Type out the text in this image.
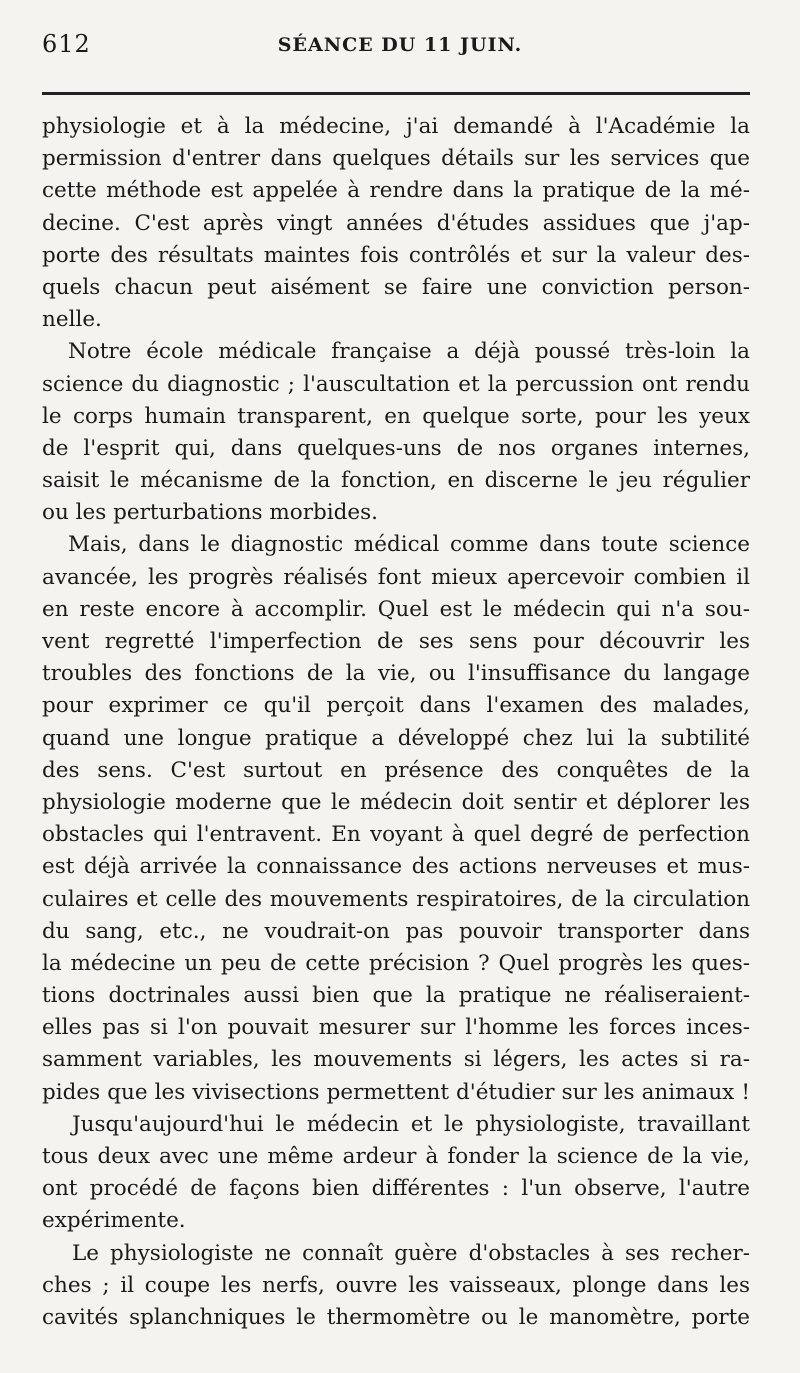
612	SÉANCE DU 11 JUIN.
physiologie et à la médecine, j'ai demandé à l'Académie la
permission d'entrer dans quelques détails sur les services que
cette méthode est appelée à rendre dans la pratique de la mé-
decine. C'est après vingt années d'études assidues que j'ap-
porte des résultats maintes fois contrôlés et sur la valeur des-
quels chacun peut aisément se faire une conviction person-
nelle.
Notre école médicale française a déjà poussé très-loin la
science du diagnostic ; l'auscultation et la percussion ont rendu
le corps humain transparent, en quelque sorte, pour les yeux
de l'esprit qui, dans quelques-uns de nos organes internes,
saisit le mécanisme de la fonction, en discerne le jeu régulier
ou les perturbations morbides.
Mais, dans le diagnostic médical comme dans toute science
avancée, les progrès réalisés font mieux apercevoir combien il
en reste encore à accomplir. Quel est le médecin qui n'a sou-
vent regretté l'imperfection de ses sens pour découvrir les
troubles des fonctions de la vie, ou l'insuffisance du langage
pour exprimer ce qu'il perçoit dans l'examen des malades,
quand une longue pratique a développé chez lui la subtilité
des sens. C'est surtout en présence des conquêtes de la
physiologie moderne que le médecin doit sentir et déplorer les
obstacles qui l'entravent. En voyant à quel degré de perfection
est déjà arrivée la connaissance des actions nerveuses et mus-
culaires et celle des mouvements respiratoires, de la circulation
du sang, etc., ne voudrait-on pas pouvoir transporter dans
la médecine un peu de cette précision ? Quel progrès les ques-
tions doctrinales aussi bien que la pratique ne réaliseraient-
elles pas si l'on pouvait mesurer sur l'homme les forces inces-
samment variables, les mouvements si légers, les actes si ra-
pides que les vivisections permettent d'étudier sur les animaux !
Jusqu'aujourd'hui le médecin et le physiologiste, travaillant
tous deux avec une même ardeur à fonder la science de la vie,
ont procédé de façons bien différentes : l'un observe, l'autre
expérimente.
Le physiologiste ne connaît guère d'obstacles à ses recher-
ches ; il coupe les nerfs, ouvre les vaisseaux, plonge dans les
cavités splanchniques le thermomètre ou le manomètre, porte
